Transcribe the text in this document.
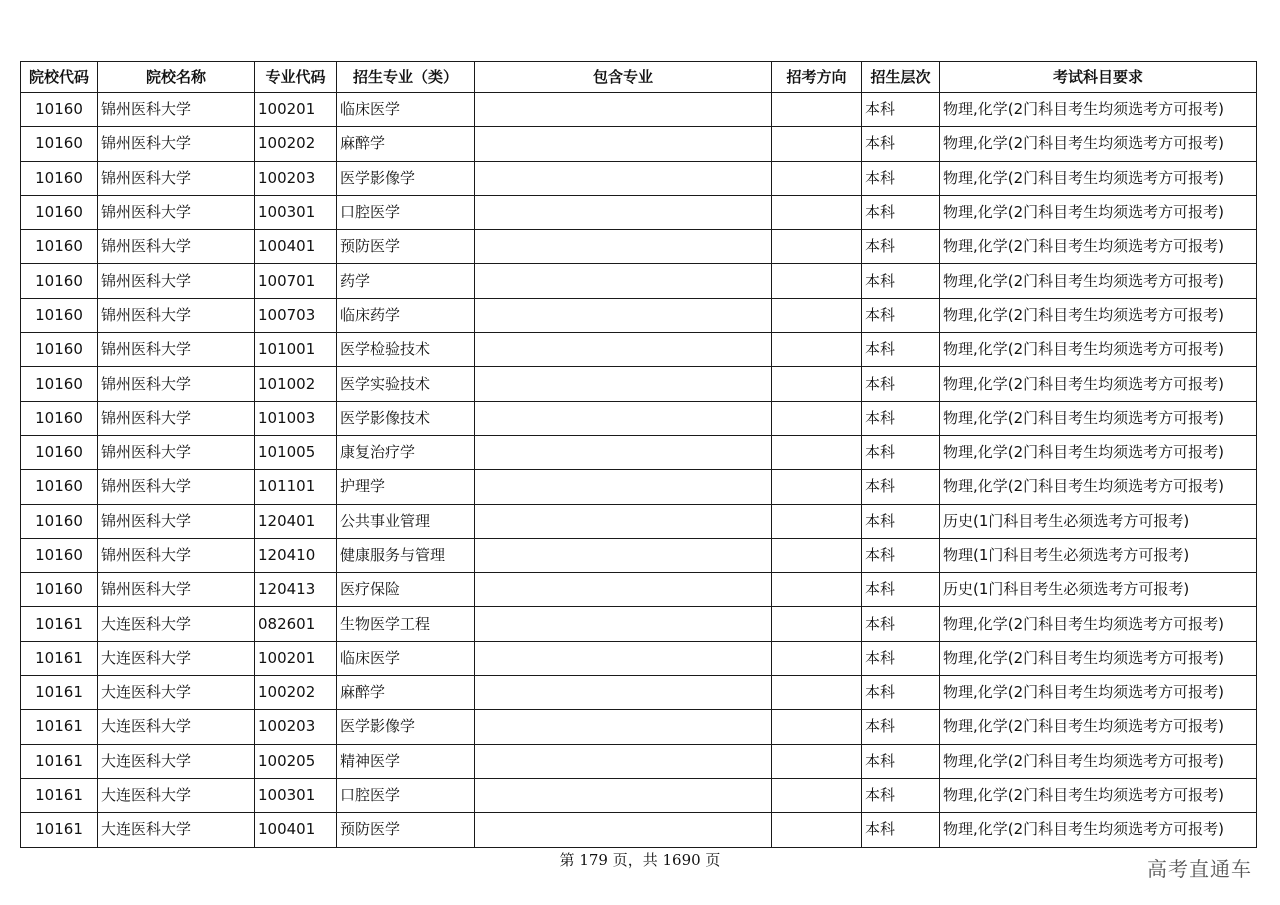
院校代码	院校名称	专业代码	招生专业（类）	包含专业	招考方向	招生层次	考试科目要求
10160	锦州医科大学	100201	临床医学			本科	物理,化学(2门科目考生均须选考方可报考)
10160	锦州医科大学	100202	麻醉学			本科	物理,化学(2门科目考生均须选考方可报考)
10160	锦州医科大学	100203	医学影像学			本科	物理,化学(2门科目考生均须选考方可报考)
10160	锦州医科大学	100301	口腔医学			本科	物理,化学(2门科目考生均须选考方可报考)
10160	锦州医科大学	100401	预防医学			本科	物理,化学(2门科目考生均须选考方可报考)
10160	锦州医科大学	100701	药学			本科	物理,化学(2门科目考生均须选考方可报考)
10160	锦州医科大学	100703	临床药学			本科	物理,化学(2门科目考生均须选考方可报考)
10160	锦州医科大学	101001	医学检验技术			本科	物理,化学(2门科目考生均须选考方可报考)
10160	锦州医科大学	101002	医学实验技术			本科	物理,化学(2门科目考生均须选考方可报考)
10160	锦州医科大学	101003	医学影像技术			本科	物理,化学(2门科目考生均须选考方可报考)
10160	锦州医科大学	101005	康复治疗学			本科	物理,化学(2门科目考生均须选考方可报考)
10160	锦州医科大学	101101	护理学			本科	物理,化学(2门科目考生均须选考方可报考)
10160	锦州医科大学	120401	公共事业管理			本科	历史(1门科目考生必须选考方可报考)
10160	锦州医科大学	120410	健康服务与管理			本科	物理(1门科目考生必须选考方可报考)
10160	锦州医科大学	120413	医疗保险			本科	历史(1门科目考生必须选考方可报考)
10161	大连医科大学	082601	生物医学工程			本科	物理,化学(2门科目考生均须选考方可报考)
10161	大连医科大学	100201	临床医学			本科	物理,化学(2门科目考生均须选考方可报考)
10161	大连医科大学	100202	麻醉学			本科	物理,化学(2门科目考生均须选考方可报考)
10161	大连医科大学	100203	医学影像学			本科	物理,化学(2门科目考生均须选考方可报考)
10161	大连医科大学	100205	精神医学			本科	物理,化学(2门科目考生均须选考方可报考)
10161	大连医科大学	100301	口腔医学			本科	物理,化学(2门科目考生均须选考方可报考)
10161	大连医科大学	100401	预防医学			本科	物理,化学(2门科目考生均须选考方可报考)
第 179 页，共 1690 页	高考直通车
